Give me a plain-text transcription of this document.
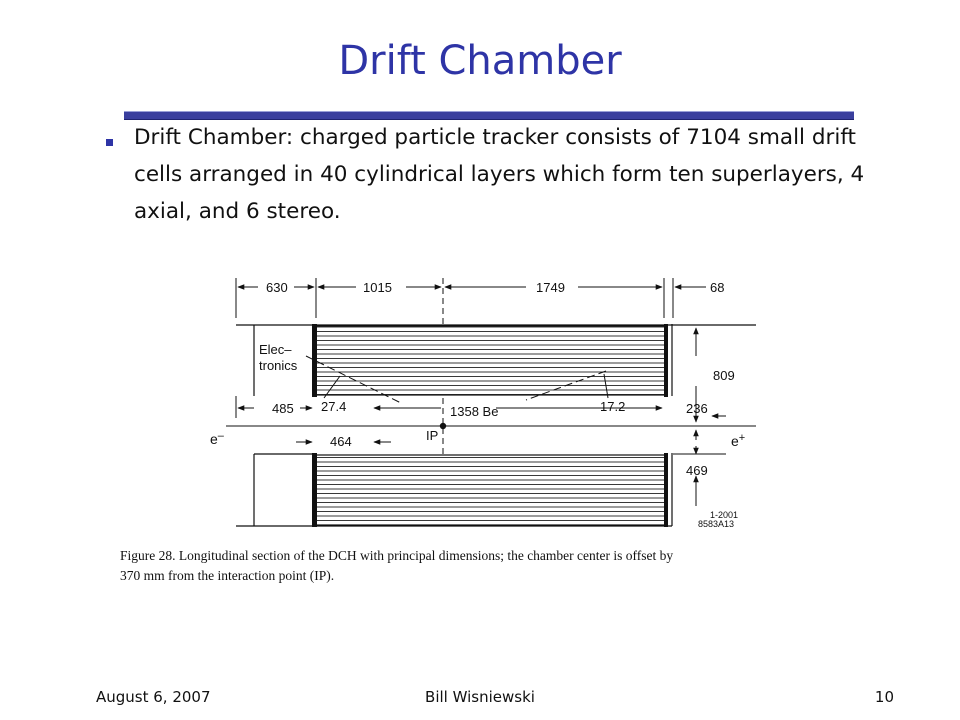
Drift Chamber
Drift Chamber: charged particle tracker consists of 7104 small drift cells arranged in 40 cylindrical layers which form ten superlayers, 4 axial, and 6 stereo.
630	1015	1749	68
Elec–
tronics
809
485 27.4	1358 Be	17.2	236
e–	IP	e+
464
469
1-2001
8583A13
Figure 28. Longitudinal section of the DCH with principal dimensions; the chamber center is offset by
370 mm from the interaction point (IP).
August 6, 2007	Bill Wisniewski	10
